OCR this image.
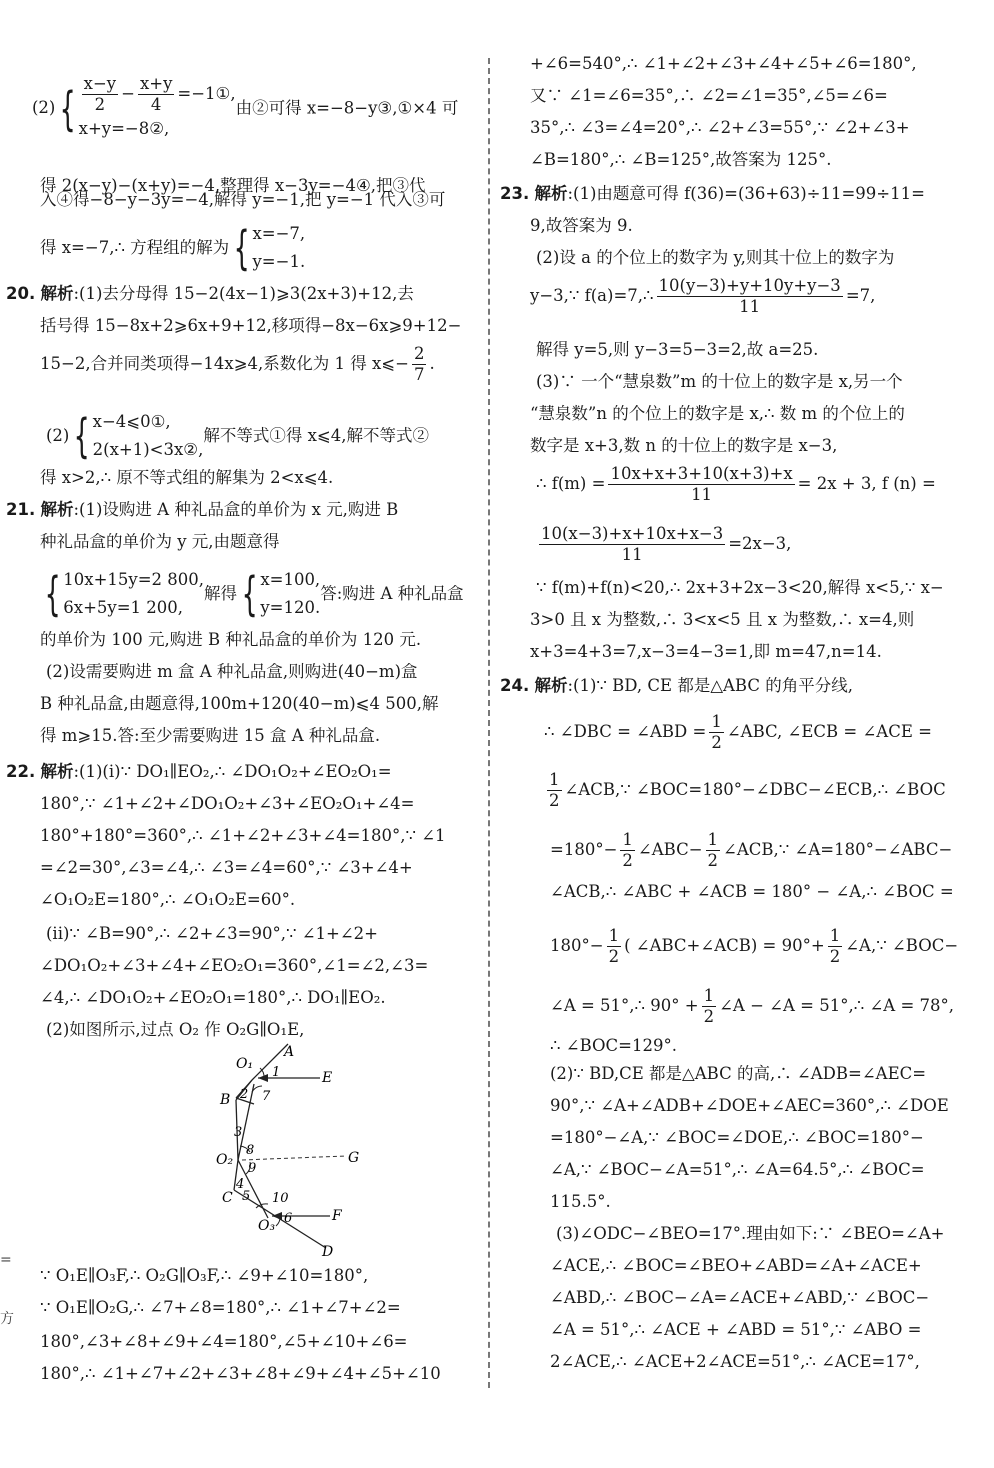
$(2)\{ \frac{x-y}{2} - \frac{x+y}{4}$ =−1①,
x+y=−8②,
由②可得 x=−8−y③,①×4 可
得 2(x−y)−(x+y)=−4,整理得 x−3y=−4④,把③代
入④得−8−y−3y=−4,解得 y=−1,把 y=−1 代入③可
得 x=−7,∴ 方程组的解为{ x=−7,
y=−1.
20. 解析:(1)去分母得 15−2(4x−1)⩾3(2x+3)+12,去
括号得 15−8x+2⩾6x+9+12,移项得−8x−6x⩾9+12−
15−2,合并同类项得−14x⩾4,系数化为 1 得 x⩽− $\frac{2}{7}$ .
(2){ x−4⩽0①,
2(x+1)<3x②,
解不等式①得 x⩽4,解不等式②
得 x>2,∴ 原不等式组的解集为 2<x⩽4.
21. 解析:(1)设购进 A 种礼品盒的单价为 x 元,购进 B
种礼品盒的单价为 y 元,由题意得
{ 10x+15y=2 800,
6x+5y=1 200,
解得{ x=100,
y=120.
答:购进 A 种礼品盒
的单价为 100 元,购进 B 种礼品盒的单价为 120 元.
(2)设需要购进 m 盒 A 种礼品盒,则购进(40−m)盒
B 种礼品盒,由题意得,100m+120(40−m)⩽4 500,解
得 m⩾15.答:至少需要购进 15 盒 A 种礼品盒.
22. 解析:(1)(i)∵ DO₁∥EO₂,∴ ∠DO₁O₂+∠EO₂O₁=
180°,∵ ∠1+∠2+∠DO₁O₂+∠3+∠EO₂O₁+∠4=
180°+180°=360°,∴ ∠1+∠2+∠3+∠4=180°,∵ ∠1
=∠2=30°,∠3=∠4,∴ ∠3=∠4=60°,∵ ∠3+∠4+
∠O₁O₂E=180°,∴ ∠O₁O₂E=60°.
(ii)∵ ∠B=90°,∴ ∠2+∠3=90°,∵ ∠1+∠2+
∠DO₁O₂+∠3+∠4+∠EO₂O₁=360°,∠1=∠2,∠3=
∠4,∴ ∠DO₁O₂+∠EO₂O₁=180°,∴ DO₁∥EO₂.
(2)如图所示,过点 O₂ 作 O₂G∥O₁E,
O₁
A
1	E
B 2 7
3
8
O₂
9
G
4
5
C	10
O₃ 6	F
D
∵ O₁E∥O₃F,∴ O₂G∥O₃F,∴ ∠9+∠10=180°,
∵ O₁E∥O₂G,∴ ∠7+∠8=180°,∴ ∠1+∠7+∠2=
180°,∠3+∠8+∠9+∠4=180°,∠5+∠10+∠6=
180°,∴ ∠1+∠7+∠2+∠3+∠8+∠9+∠4+∠5+∠10
=
方
+∠6=540°,∴ ∠1+∠2+∠3+∠4+∠5+∠6=180°,
又∵ ∠1=∠6=35°,∴ ∠2=∠1=35°,∠5=∠6=
35°,∴ ∠3=∠4=20°,∴ ∠2+∠3=55°,∵ ∠2+∠3+
∠B=180°,∴ ∠B=125°,故答案为 125°.
23. 解析:(1)由题意可得 f(36)=(36+63)÷11=99÷11=
9,故答案为 9.
(2)设 a 的个位上的数字为 y,则其十位上的数字为
y−3,∵ f(a)=7,∴ $\frac{10(y-3)+y+10y+y-3}{11} =7$,
解得 y=5,则 y−3=5−3=2,故 a=25.
(3)∵ 一个“慧泉数”m 的十位上的数字是 x,另一个
“慧泉数”n 的个位上的数字是 x,∴ 数 m 的个位上的
数字是 x+3,数 n 的十位上的数字是 x−3,
∴ $f(m) = \frac{10x+x+3+10(x+3)+x}{11} = 2x + 3$, f (n) =
$\frac{10(x-3)+x+10x+x-3}{11} =2x-3$,
∵ f(m)+f(n)<20,∴ 2x+3+2x−3<20,解得 x<5,∵ x−
3>0 且 x 为整数,∴ 3<x<5 且 x 为整数,∴ x=4,则
x+3=4+3=7,x−3=4−3=1,即 m=47,n=14.
24. 解析:(1)∵ BD, CE 都是△ABC 的角平分线,
∴ ∠DBC = ∠ABD = $\frac{1}{2}$ ∠ABC, ∠ECB = ∠ACE =
$\frac{1}{2}$ ∠ACB,∵ ∠BOC=180°−∠DBC−∠ECB,∴ ∠BOC
$=180^\circ- \frac{1}{2}$ ∠ABC− $\frac{1}{2}$ ∠ACB,∵ ∠A=180°−∠ABC−
∠ACB,∴ ∠ABC + ∠ACB = 180° − ∠A,∴ ∠BOC =
$180^\circ- \frac{1}{2}$ ( ∠ABC+∠ACB) = $90^\circ+ \frac{1}{2}$ ∠A,∵ ∠BOC−
∠A = 51°,∴ $90^\circ + \frac{1}{2}$ ∠A − ∠A = 51°,∴ ∠A = 78°,
∴ ∠BOC=129°.
(2)∵ BD,CE 都是△ABC 的高,∴ ∠ADB=∠AEC=
90°,∵ ∠A+∠ADB+∠DOE+∠AEC=360°,∴ ∠DOE
=180°−∠A,∵ ∠BOC=∠DOE,∴ ∠BOC=180°−
∠A,∵ ∠BOC−∠A=51°,∴ ∠A=64.5°,∴ ∠BOC=
115.5°.
(3)∠ODC−∠BEO=17°.理由如下:∵ ∠BEO=∠A+
∠ACE,∴ ∠BOC=∠BEO+∠ABD=∠A+∠ACE+
∠ABD,∴ ∠BOC−∠A=∠ACE+∠ABD,∵ ∠BOC−
∠A = 51°,∴ ∠ACE + ∠ABD = 51°,∵ ∠ABO =
2∠ACE,∴ ∠ACE+2∠ACE=51°,∴ ∠ACE=17°,
